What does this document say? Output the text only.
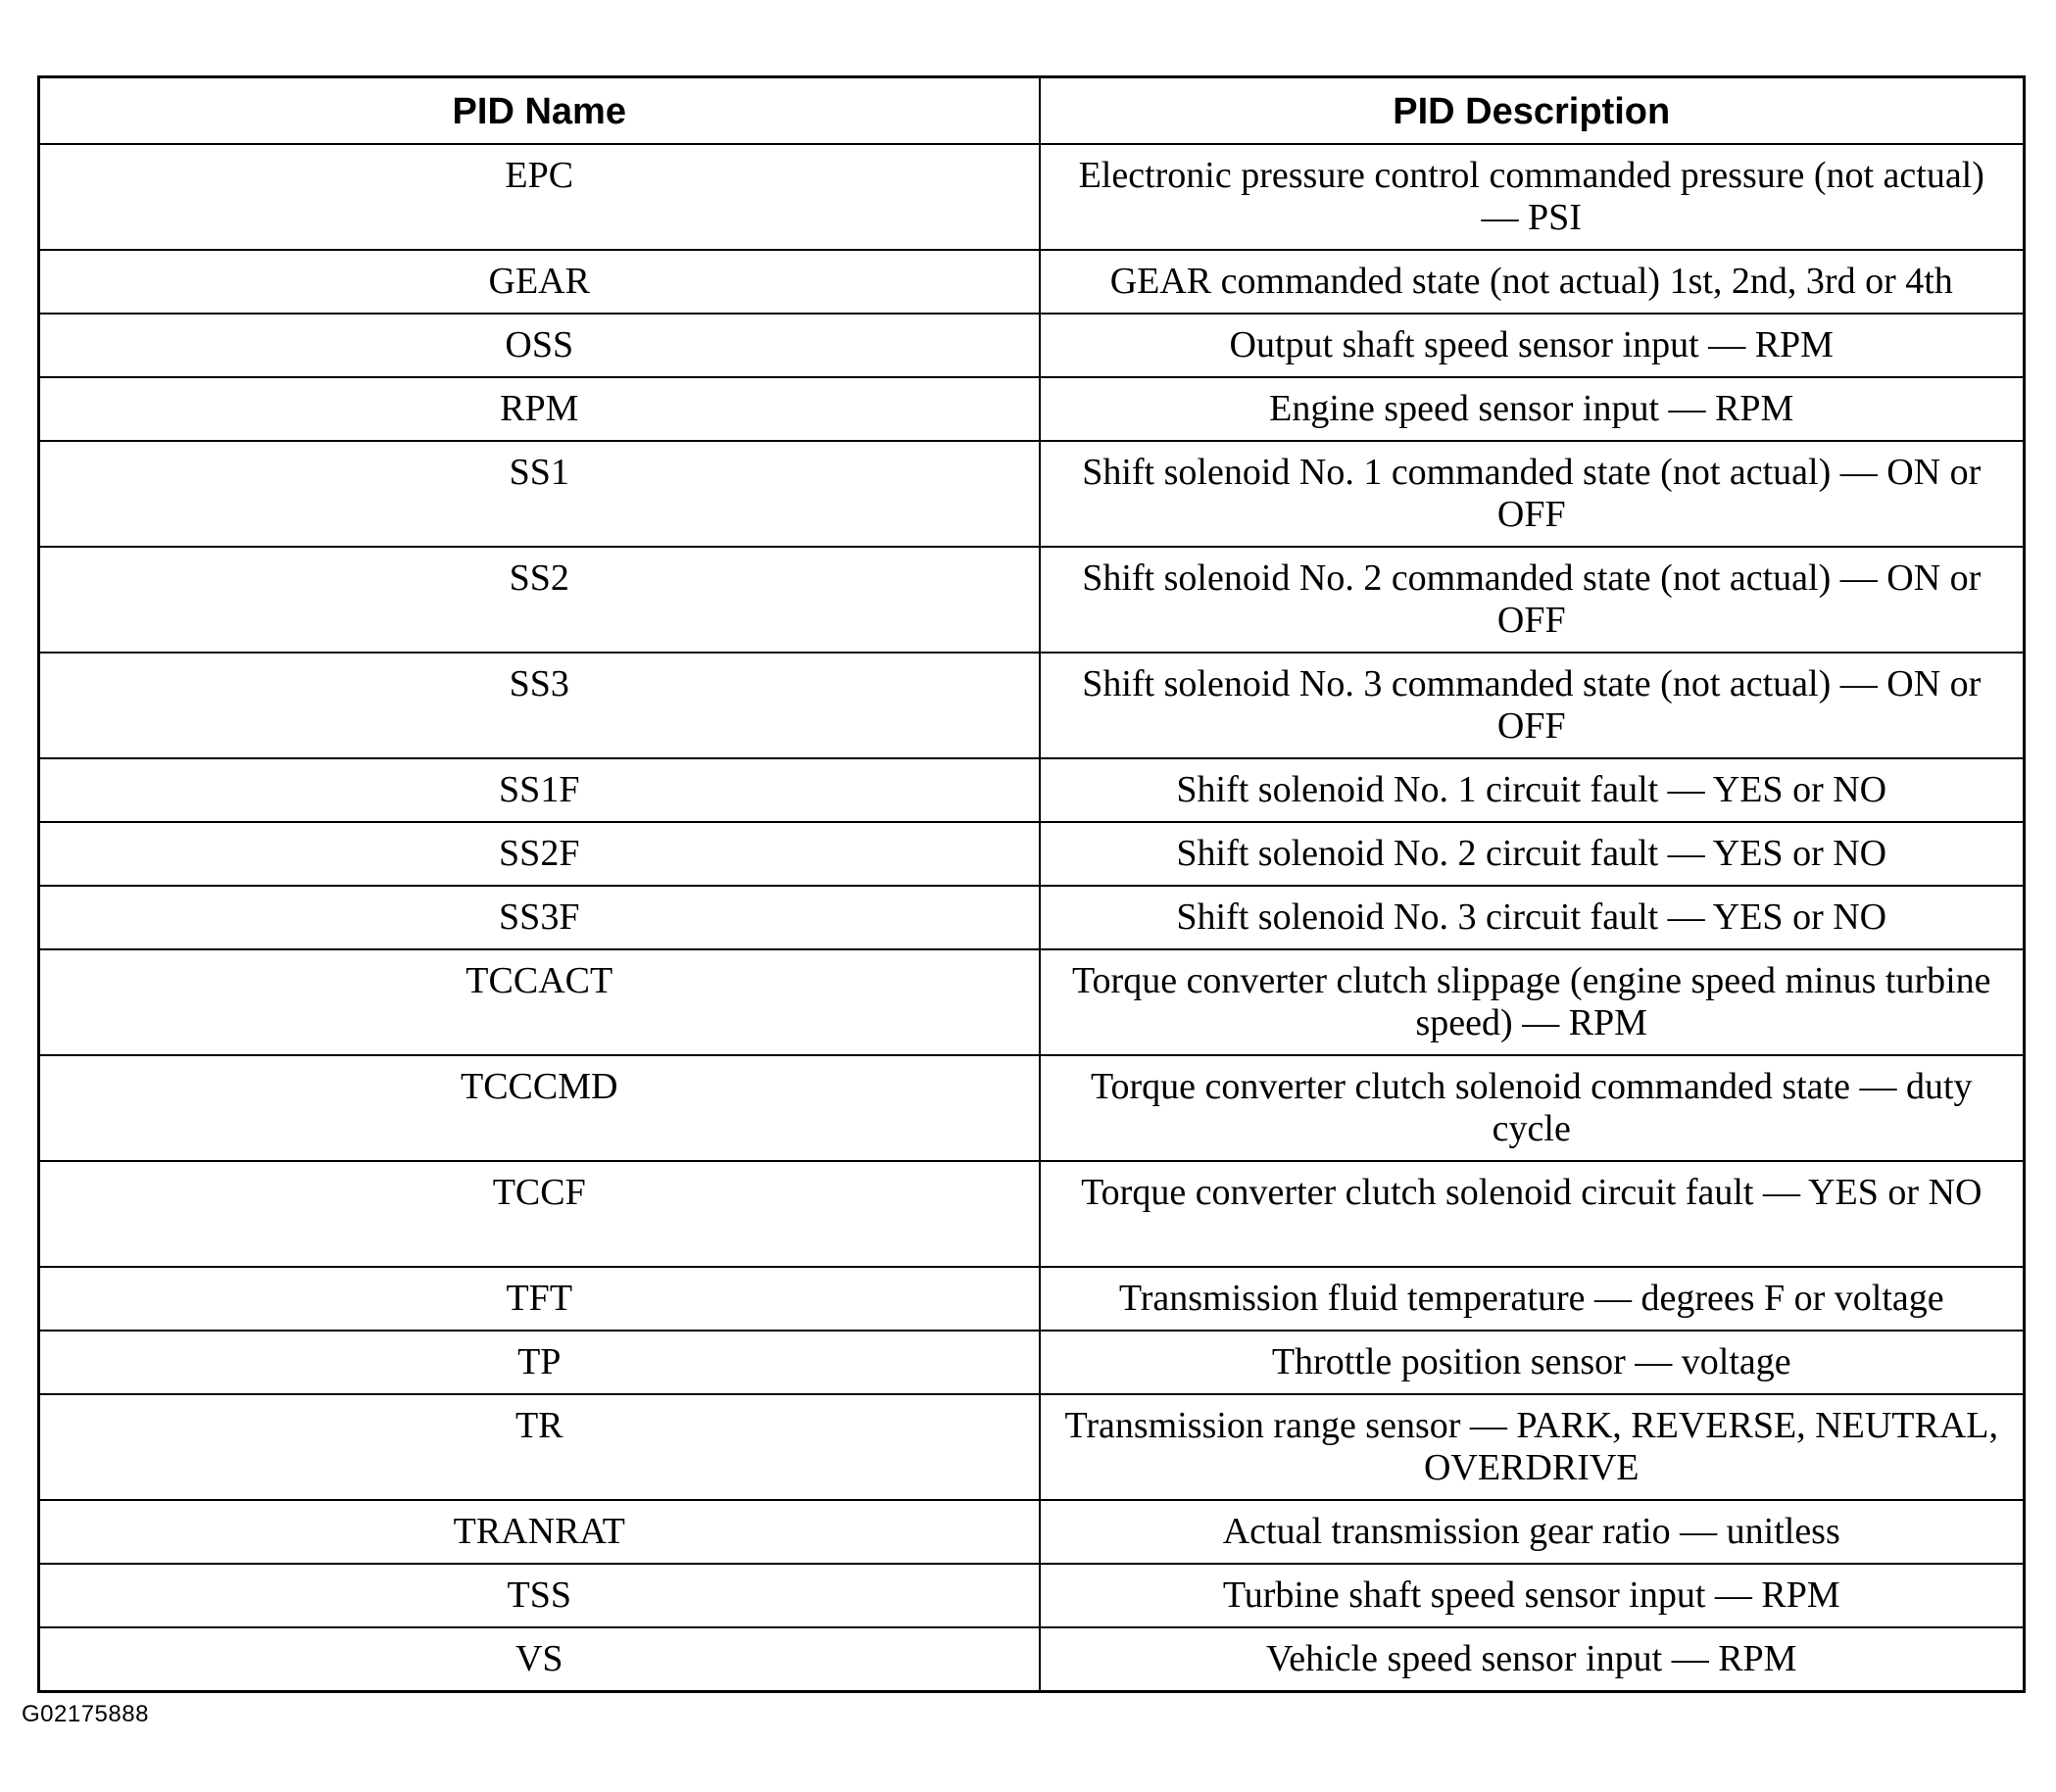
PID Name	PID Description
EPC	Electronic pressure control commanded pressure (not actual) — PSI
GEAR	GEAR commanded state (not actual) 1st, 2nd, 3rd or 4th
OSS	Output shaft speed sensor input — RPM
RPM	Engine speed sensor input — RPM
SS1	Shift solenoid No. 1 commanded state (not actual) — ON or OFF
SS2	Shift solenoid No. 2 commanded state (not actual) — ON or OFF
SS3	Shift solenoid No. 3 commanded state (not actual) — ON or OFF
SS1F	Shift solenoid No. 1 circuit fault — YES or NO
SS2F	Shift solenoid No. 2 circuit fault — YES or NO
SS3F	Shift solenoid No. 3 circuit fault — YES or NO
TCCACT	Torque converter clutch slippage (engine speed minus turbine speed) — RPM
TCCCMD	Torque converter clutch solenoid commanded state — duty cycle
TCCF	Torque converter clutch solenoid circuit fault — YES or NO
TFT	Transmission fluid temperature — degrees F or voltage
TP	Throttle position sensor — voltage
TR	Transmission range sensor — PARK, REVERSE, NEUTRAL, OVERDRIVE
TRANRAT	Actual transmission gear ratio — unitless
TSS	Turbine shaft speed sensor input — RPM
VS	Vehicle speed sensor input — RPM
G02175888
